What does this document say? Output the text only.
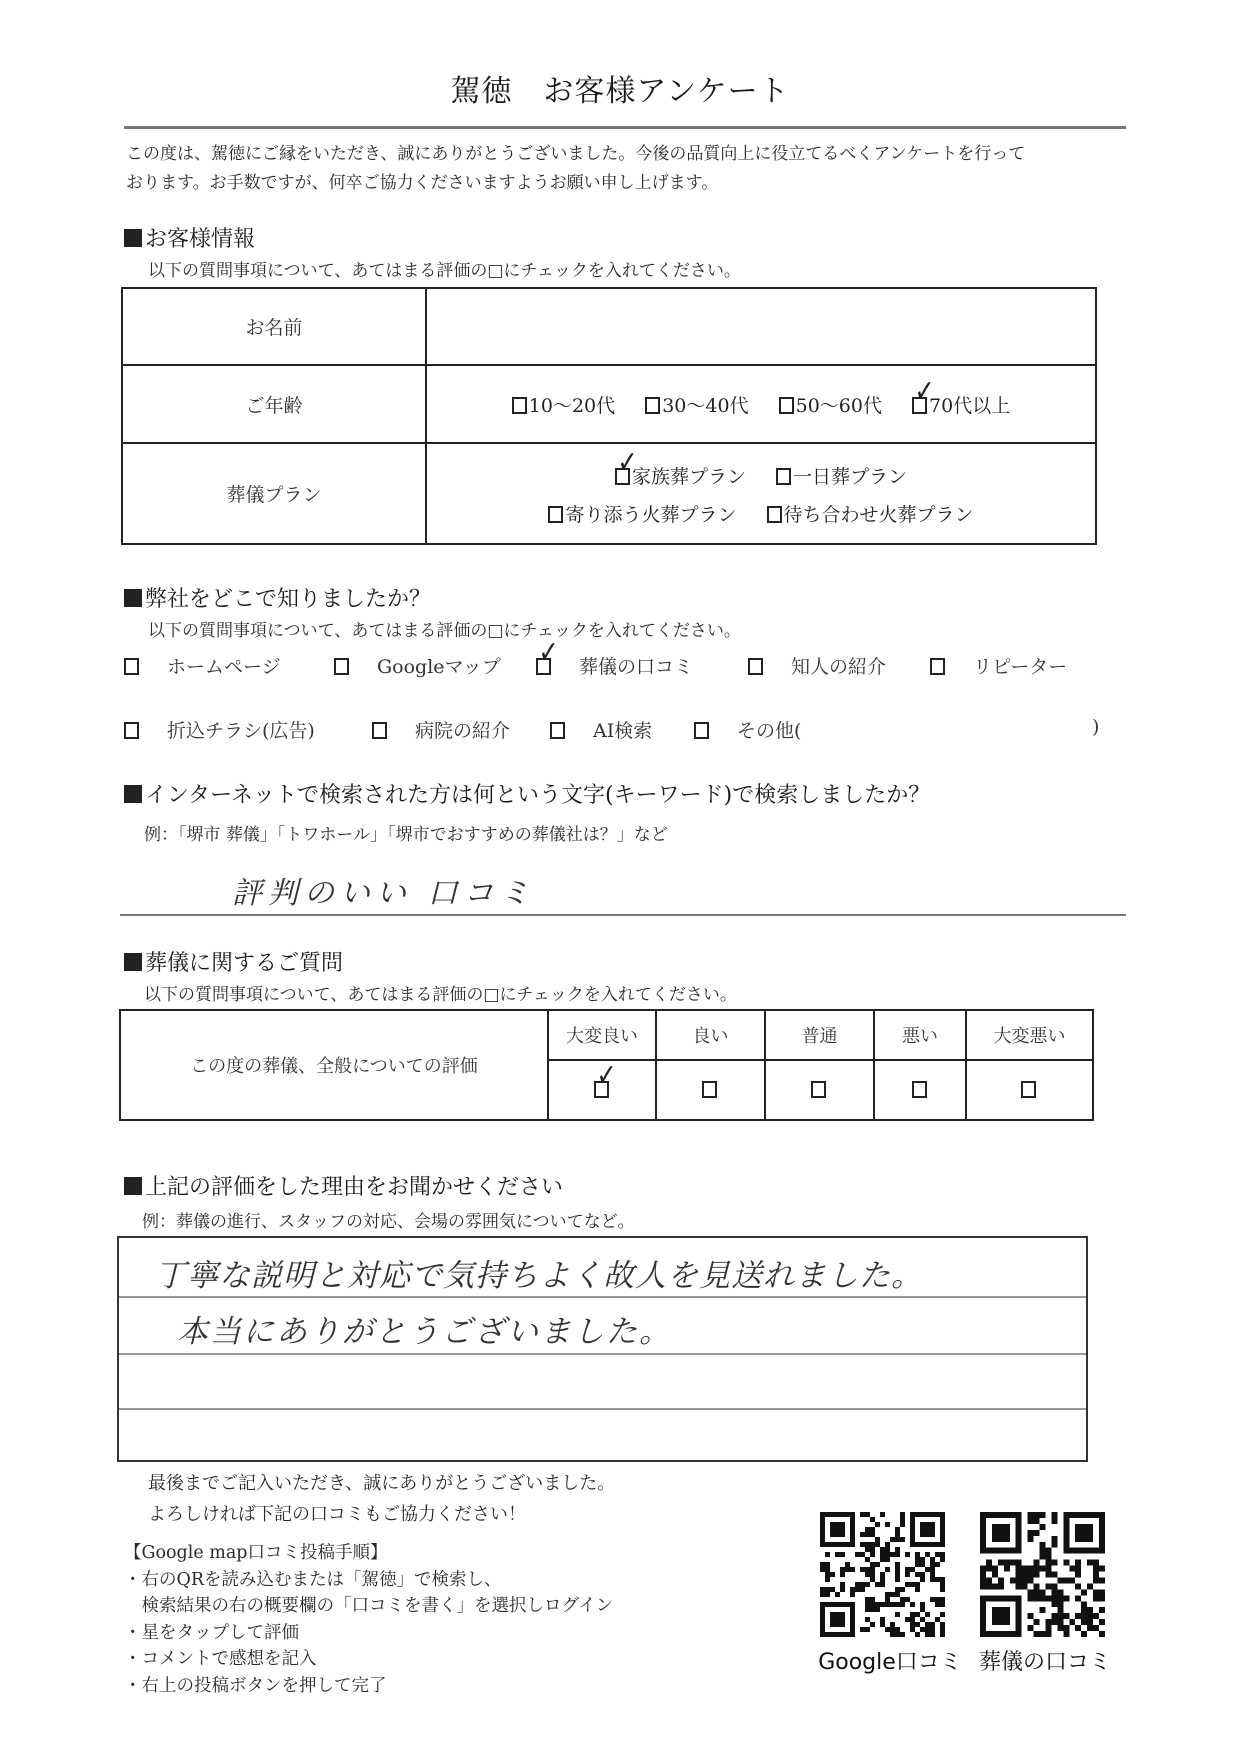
駕徳　お客様アンケート
この度は、駕徳にご縁をいただき、誠にありがとうございました。今後の品質向上に役立てるべくアンケートを行って
おります。お手数ですが、何卒ご協力くださいますようお願い申し上げます。
お客様情報
以下の質問事項について、あてはまる評価の□にチェックを入れてください。
お名前	
ご年齢	10～20代 30～40代 50～60代 ✓ 70代以上
葬儀プラン	
✓家族葬プラン 一日葬プラン
寄り添う火葬プラン 待ち合わせ火葬プラン
弊社をどこで知りましたか？
以下の質問事項について、あてはまる評価の□にチェックを入れてください。
ホームページ	Googleマップ ✓	葬儀の口コミ	知人の紹介	リピーター
折込チラシ(広告)	病院の紹介	AI検索	その他(	)
インターネットで検索された方は何という文字(キーワード)で検索しましたか？
例：「堺市 葬儀」「トワホール」「堺市でおすすめの葬儀社は？」など
評判のいい 口コミ
葬儀に関するご質問
以下の質問事項について、あてはまる評価の□にチェックを入れてください。
この度の葬儀、全般についての評価	大変良い	良い	普通	悪い	大変悪い
✓				
上記の評価をした理由をお聞かせください
例：葬儀の進行、スタッフの対応、会場の雰囲気についてなど。
丁寧な説明と対応で気持ちよく故人を見送れました。
本当にありがとうございました。
最後までご記入いただき、誠にありがとうございました。
よろしければ下記の口コミもご協力ください！
【Google map口コミ投稿手順】
・右のQRを読み込むまたは「駕徳」で検索し、
　検索結果の右の概要欄の「口コミを書く」を選択しログイン
・星をタップして評価
・コメントで感想を記入
・右上の投稿ボタンを押して完了
Google口コミ 葬儀の口コミ
